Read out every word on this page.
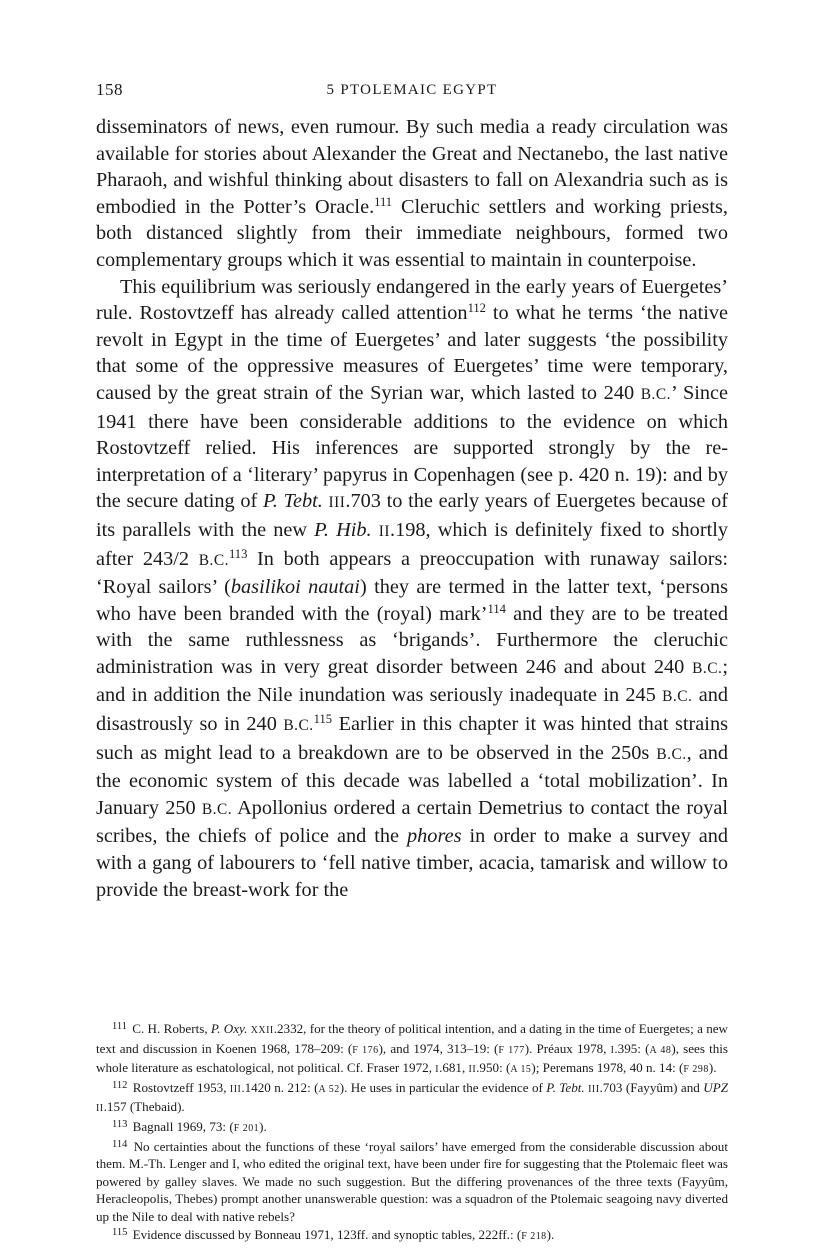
158	5 PTOLEMAIC EGYPT

disseminators of news, even rumour. By such media a ready circulation was available for stories about Alexander the Great and Nectanebo, the last native Pharaoh, and wishful thinking about disasters to fall on Alexandria such as is embodied in the Potter’s Oracle.$^{111}$ Cleruchic settlers and working priests, both distanced slightly from their immediate neighbours, formed two complementary groups which it was essential to maintain in counterpoise.

This equilibrium was seriously endangered in the early years of Euergetes’ rule. Rostovtzeff has already called attention$^{112}$ to what he terms ‘the native revolt in Egypt in the time of Euergetes’ and later suggests ‘the possibility that some of the oppressive measures of Euergetes’ time were temporary, caused by the great strain of the Syrian war, which lasted to 240 B.C.’ Since 1941 there have been considerable additions to the evidence on which Rostovtzeff relied. His inferences are supported strongly by the re-interpretation of a ‘literary’ papyrus in Copenhagen (see p. 420 n. 19): and by the secure dating of P. Tebt. III.703 to the early years of Euergetes because of its parallels with the new P. Hib. II.198, which is definitely fixed to shortly after 243/2 B.C.$^{113}$ In both appears a preoccupation with runaway sailors: ‘Royal sailors’ (basilikoi nautai) they are termed in the latter text, ‘persons who have been branded with the (royal) mark’$^{114}$ and they are to be treated with the same ruthlessness as ‘brigands’. Furthermore the cleruchic administration was in very great disorder between 246 and about 240 B.C.; and in addition the Nile inundation was seriously inadequate in 245 B.C. and disastrously so in 240 B.C.$^{115}$ Earlier in this chapter it was hinted that strains such as might lead to a breakdown are to be observed in the 250s B.C., and the economic system of this decade was labelled a ‘total mobilization’. In January 250 B.C. Apollonius ordered a certain Demetrius to contact the royal scribes, the chiefs of police and the phores in order to make a survey and with a gang of labourers to ‘fell native timber, acacia, tamarisk and willow to provide the breast-work for the

$^{111}$ C. H. Roberts, P. Oxy. XXII.2332, for the theory of political intention, and a dating in the time of Euergetes; a new text and discussion in Koenen 1968, 178–209: (F 176), and 1974, 313–19: (F 177). Préaux 1978, I.395: (A 48), sees this whole literature as eschatological, not political. Cf. Fraser 1972, I.681, II.950: (A 15); Peremans 1978, 40 n. 14: (F 298).

$^{112}$ Rostovtzeff 1953, III.1420 n. 212: (A 52). He uses in particular the evidence of P. Tebt. III.703 (Fayyûm) and UPZ II.157 (Thebaid).

$^{113}$ Bagnall 1969, 73: (F 201).

$^{114}$ No certainties about the functions of these ‘royal sailors’ have emerged from the considerable discussion about them. M.-Th. Lenger and I, who edited the original text, have been under fire for suggesting that the Ptolemaic fleet was powered by galley slaves. We made no such suggestion. But the differing provenances of the three texts (Fayyûm, Heracleopolis, Thebes) prompt another unanswerable question: was a squadron of the Ptolemaic seagoing navy diverted up the Nile to deal with native rebels?

$^{115}$ Evidence discussed by Bonneau 1971, 123ff. and synoptic tables, 222ff.: (F 218).
